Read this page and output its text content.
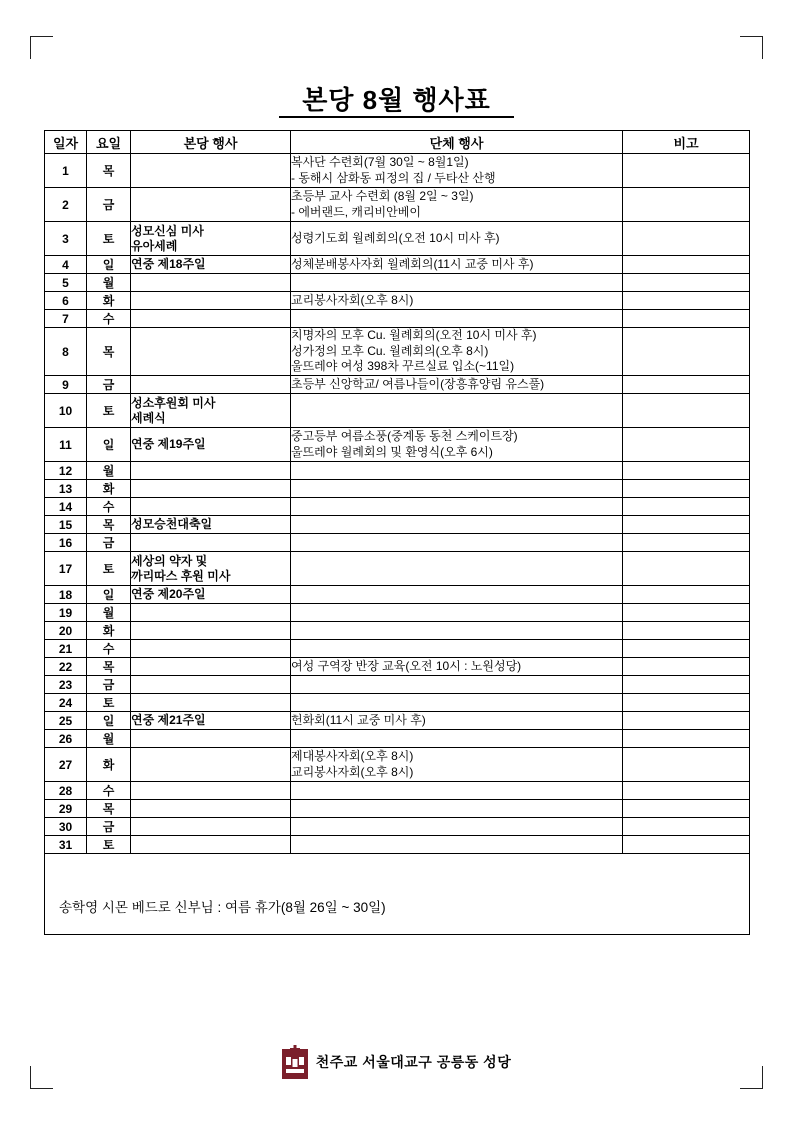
본당 8월 행사표
일자	요일	본당 행사	단체 행사	비고
1	목		복사단 수련회(7월 30일 ~ 8월1일)
- 동해시 삼화동 피정의 집 / 두타산 산행	

2	금		초등부 교사 수련회 (8월 2일 ~ 3일)
- 에버랜드, 캐리비안베이	

3	토	성모신심 미사
유아세례	성령기도회 월례회의(오전 10시 미사 후)	

4	일	연중 제18주일	성체분배봉사자회 월례회의(11시 교중 미사 후)	

5	월			
6	화		교리봉사자회(오후 8시)	

7	수			
8	목		치명자의 모후 Cu. 월례회의(오전 10시 미사 후)
성가정의 모후 Cu. 월례회의(오후 8시)
울뜨레야 여성 398차 꾸르실료 입소(~11일)	

9	금		초등부 신앙학교/ 여름나들이(장흥휴양림 유스풀)	

10	토	성소후원회 미사
세례식		

11	일	연중 제19주일	중고등부 여름소풍(중계동 동천 스케이트장)
울뜨레야 월례회의 및 환영식(오후 6시)	

12	월			
13	화			
14	수			
15	목	성모승천대축일		

16	금			
17	토	세상의 약자 및
까리따스 후원 미사		

18	일	연중 제20주일		

19	월			
20	화			
21	수			
22	목		여성 구역장 반장 교육(오전 10시 : 노원성당)	

23	금			
24	토			
25	일	연중 제21주일	헌화회(11시 교중 미사 후)	

26	월			
27	화		제대봉사자회(오후 8시)
교리봉사자회(오후 8시)	

28	수			
29	목			
30	금			
31	토			

송학영 시몬 베드로 신부님 : 여름 휴가(8월 26일 ~ 30일)				
천주교 서울대교구 공릉동 성당
